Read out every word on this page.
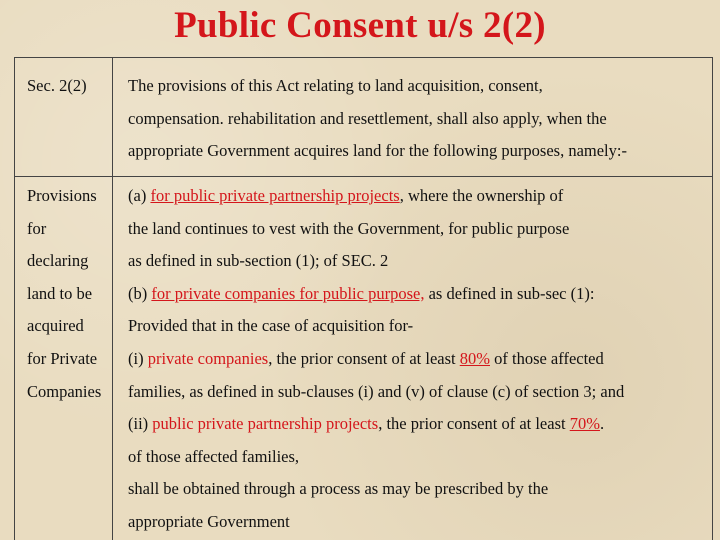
Public Consent u/s 2(2)
Sec. 2(2)	The provisions of this Act relating to land acquisition, consent,
compensation. rehabilitation and resettlement, shall also apply, when the
appropriate Government acquires land for the following purposes, namely:-
Provisions
for
declaring
land to be
acquired
for Private
Companies
(a) for public private partnership projects, where the ownership of
the land continues to vest with the Government, for public purpose
as defined in sub-section (1); of SEC. 2
(b) for private companies for public purpose, as defined in sub-sec (1):
Provided that in the case of acquisition for-
(i) private companies, the prior consent of at least 80% of those affected
families, as defined in sub-clauses (i) and (v) of clause (c) of section 3; and
(ii) public private partnership projects, the prior consent of at least 70%.
of those affected families,
shall be obtained through a process as may be prescribed by the
appropriate Government
